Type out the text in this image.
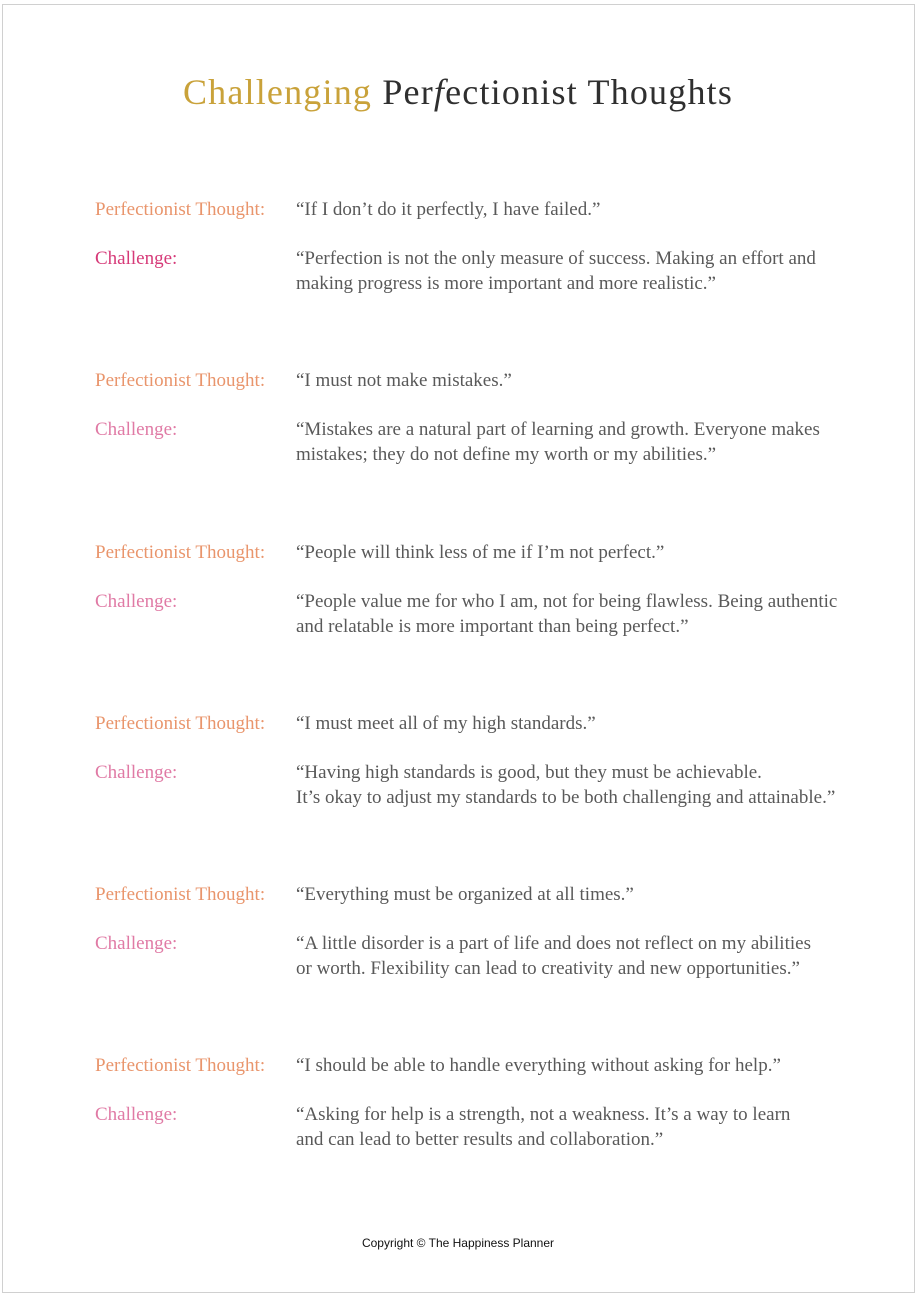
Challenging Perfectionist Thoughts
Perfectionist Thought: “If I don’t do it perfectly, I have failed.”
Challenge:	“Perfection is not the only measure of success. Making an effort and
making progress is more important and more realistic.”
Perfectionist Thought: “I must not make mistakes.”
Challenge:	“Mistakes are a natural part of learning and growth. Everyone makes
mistakes; they do not define my worth or my abilities.”
Perfectionist Thought: “People will think less of me if I’m not perfect.”
Challenge:	“People value me for who I am, not for being flawless. Being authentic
and relatable is more important than being perfect.”
Perfectionist Thought: “I must meet all of my high standards.”
Challenge:	“Having high standards is good, but they must be achievable.
It’s okay to adjust my standards to be both challenging and attainable.”
Perfectionist Thought: “Everything must be organized at all times.”
Challenge:	“A little disorder is a part of life and does not reflect on my abilities
or worth. Flexibility can lead to creativity and new opportunities.”
Perfectionist Thought: “I should be able to handle everything without asking for help.”
Challenge:	“Asking for help is a strength, not a weakness. It’s a way to learn
and can lead to better results and collaboration.”
Copyright © The Happiness Planner
